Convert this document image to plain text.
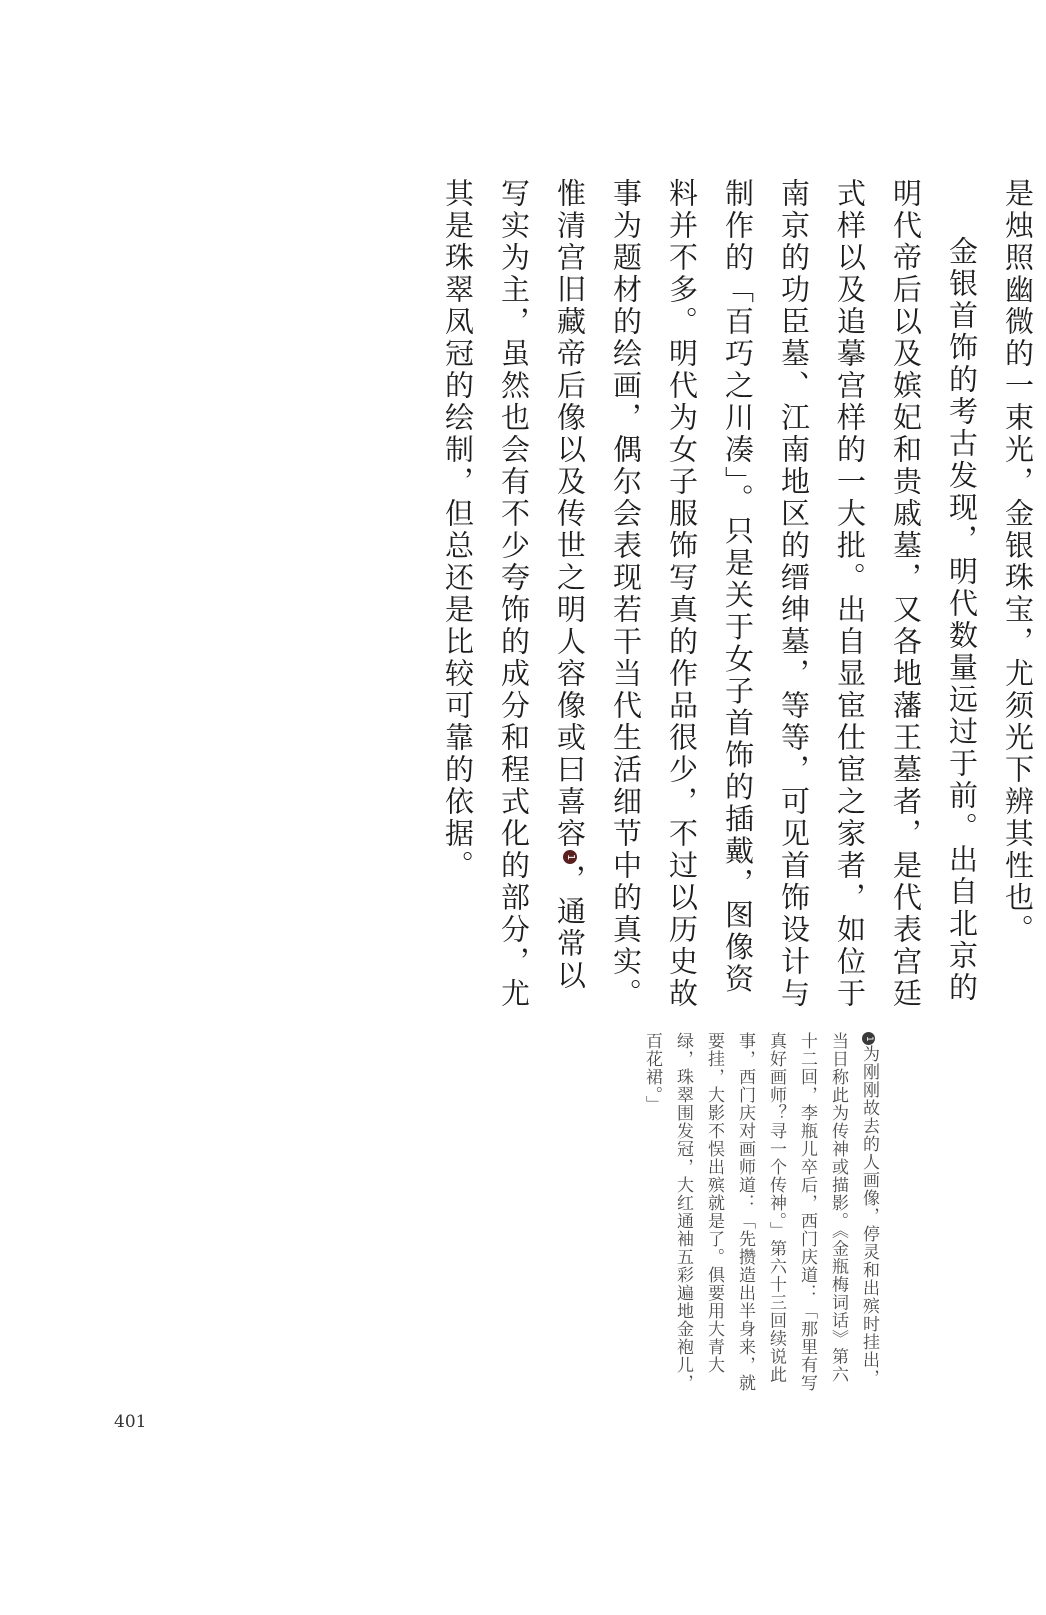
是烛照幽微的一束光，金银珠宝，尤须光下辨其性也。

金银首饰的考古发现，明代数量远过于前。出自北京的明代帝后以及嫔妃和贵戚墓，又各地藩王墓者，是代表宫廷式样以及追摹宫样的一大批。出自显宦仕宦之家者，如位于南京的功臣墓、江南地区的缙绅墓，等等，可见首饰设计与制作的「百巧之川凑」。只是关于女子首饰的插戴，图像资料并不多。明代为女子服饰写真的作品很少，不过以历史故事为题材的绘画，偶尔会表现若干当代生活细节中的真实。惟清宫旧藏帝后像以及传世之明人容像或曰喜容1，通常以写实为主，虽然也会有不少夸饰的成分和程式化的部分，尤其是珠翠凤冠的绘制，但总还是比较可靠的依据。

1为刚刚故去的人画像，停灵和出殡时挂出，当日称此为传神或描影。《金瓶梅词话》第六十二回，李瓶儿卒后，西门庆道：「那里有写真好画师？寻一个传神。」第六十三回续说此事，西门庆对画师道：「先攒造出半身来，就要挂，大影不悮出殡就是了。俱要用大青大绿，珠翠围发冠，大红通袖五彩遍地金袍儿，百花裙。」
401
